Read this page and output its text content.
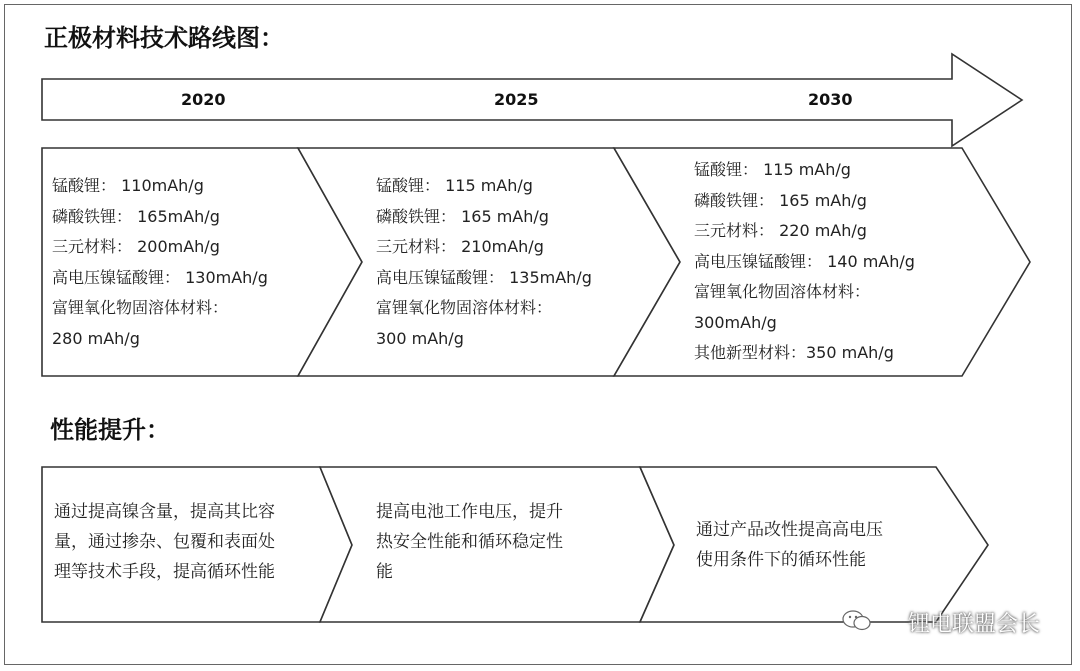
正极材料技术路线图：
2020	2025	2030
锰酸锂： 110mAh/g
磷酸铁锂： 165mAh/g
三元材料： 200mAh/g
高电压镍锰酸锂： 130mAh/g
富锂氧化物固溶体材料：
280 mAh/g
锰酸锂： 115 mAh/g
磷酸铁锂： 165 mAh/g
三元材料： 210mAh/g
高电压镍锰酸锂： 135mAh/g
富锂氧化物固溶体材料：
300 mAh/g
锰酸锂： 115 mAh/g
磷酸铁锂： 165 mAh/g
三元材料： 220 mAh/g
高电压镍锰酸锂： 140 mAh/g
富锂氧化物固溶体材料：
300mAh/g
其他新型材料：350 mAh/g
性能提升：
通过提高镍含量，提高其比容
量，通过掺杂、包覆和表面处
理等技术手段，提高循环性能
提高电池工作电压，提升
热安全性能和循环稳定性
能
通过产品改性提高高电压
使用条件下的循环性能
锂电联盟会长
